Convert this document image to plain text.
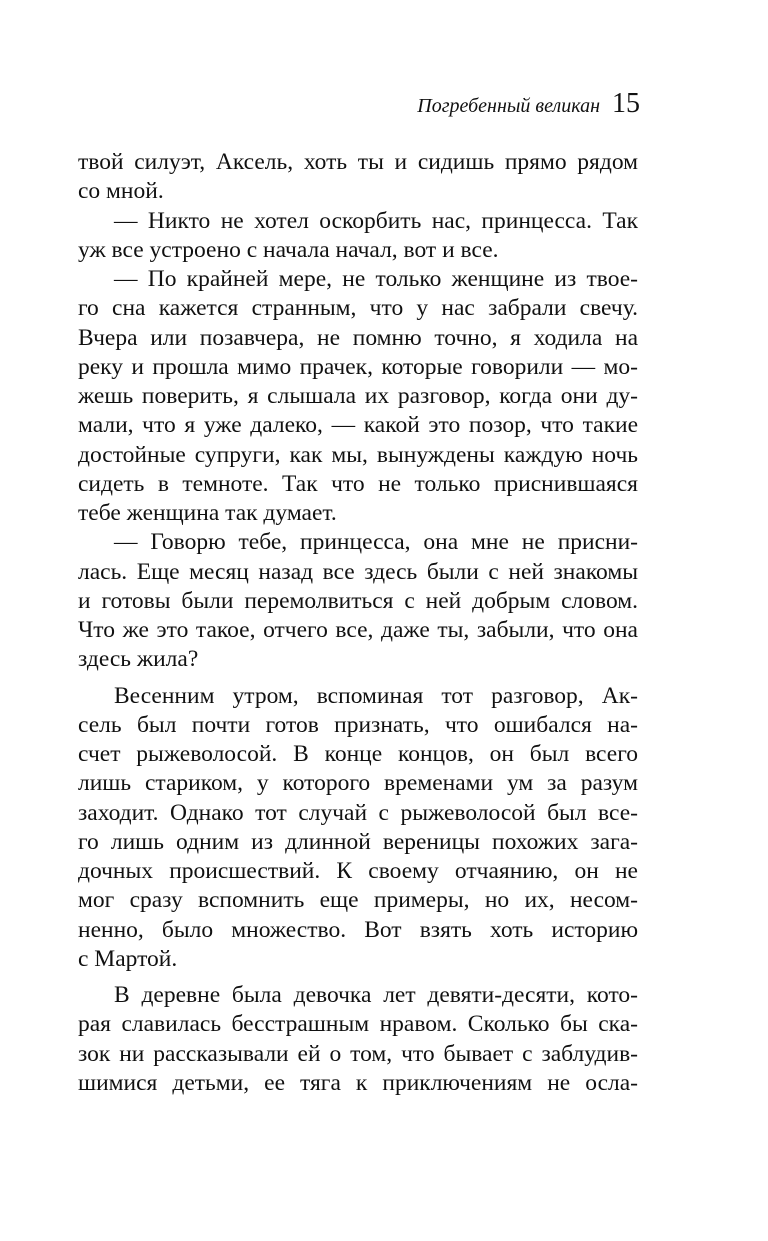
Погребенный великан 15
твой силуэт, Аксель, хоть ты и сидишь прямо рядом
со мной.
— Никто не хотел оскорбить нас, принцесса. Так
уж все устроено с начала начал, вот и все.
— По крайней мере, не только женщине из твое-
го сна кажется странным, что у нас забрали свечу.
Вчера или позавчера, не помню точно, я ходила на
реку и прошла мимо прачек, которые говорили — мо-
жешь поверить, я слышала их разговор, когда они ду-
мали, что я уже далеко, — какой это позор, что такие
достойные супруги, как мы, вынуждены каждую ночь
сидеть в темноте. Так что не только приснившаяся
тебе женщина так думает.
— Говорю тебе, принцесса, она мне не присни-
лась. Еще месяц назад все здесь были с ней знакомы
и готовы были перемолвиться с ней добрым словом.
Что же это такое, отчего все, даже ты, забыли, что она
здесь жила?
Весенним утром, вспоминая тот разговор, Ак-
сель был почти готов признать, что ошибался на-
счет рыжеволосой. В конце концов, он был всего
лишь стариком, у которого временами ум за разум
заходит. Однако тот случай с рыжеволосой был все-
го лишь одним из длинной вереницы похожих зага-
дочных происшествий. К своему отчаянию, он не
мог сразу вспомнить еще примеры, но их, несом-
ненно, было множество. Вот взять хоть историю
с Мартой.
В деревне была девочка лет девяти-десяти, кото-
рая славилась бесстрашным нравом. Сколько бы ска-
зок ни рассказывали ей о том, что бывает с заблудив-
шимися детьми, ее тяга к приключениям не осла-
